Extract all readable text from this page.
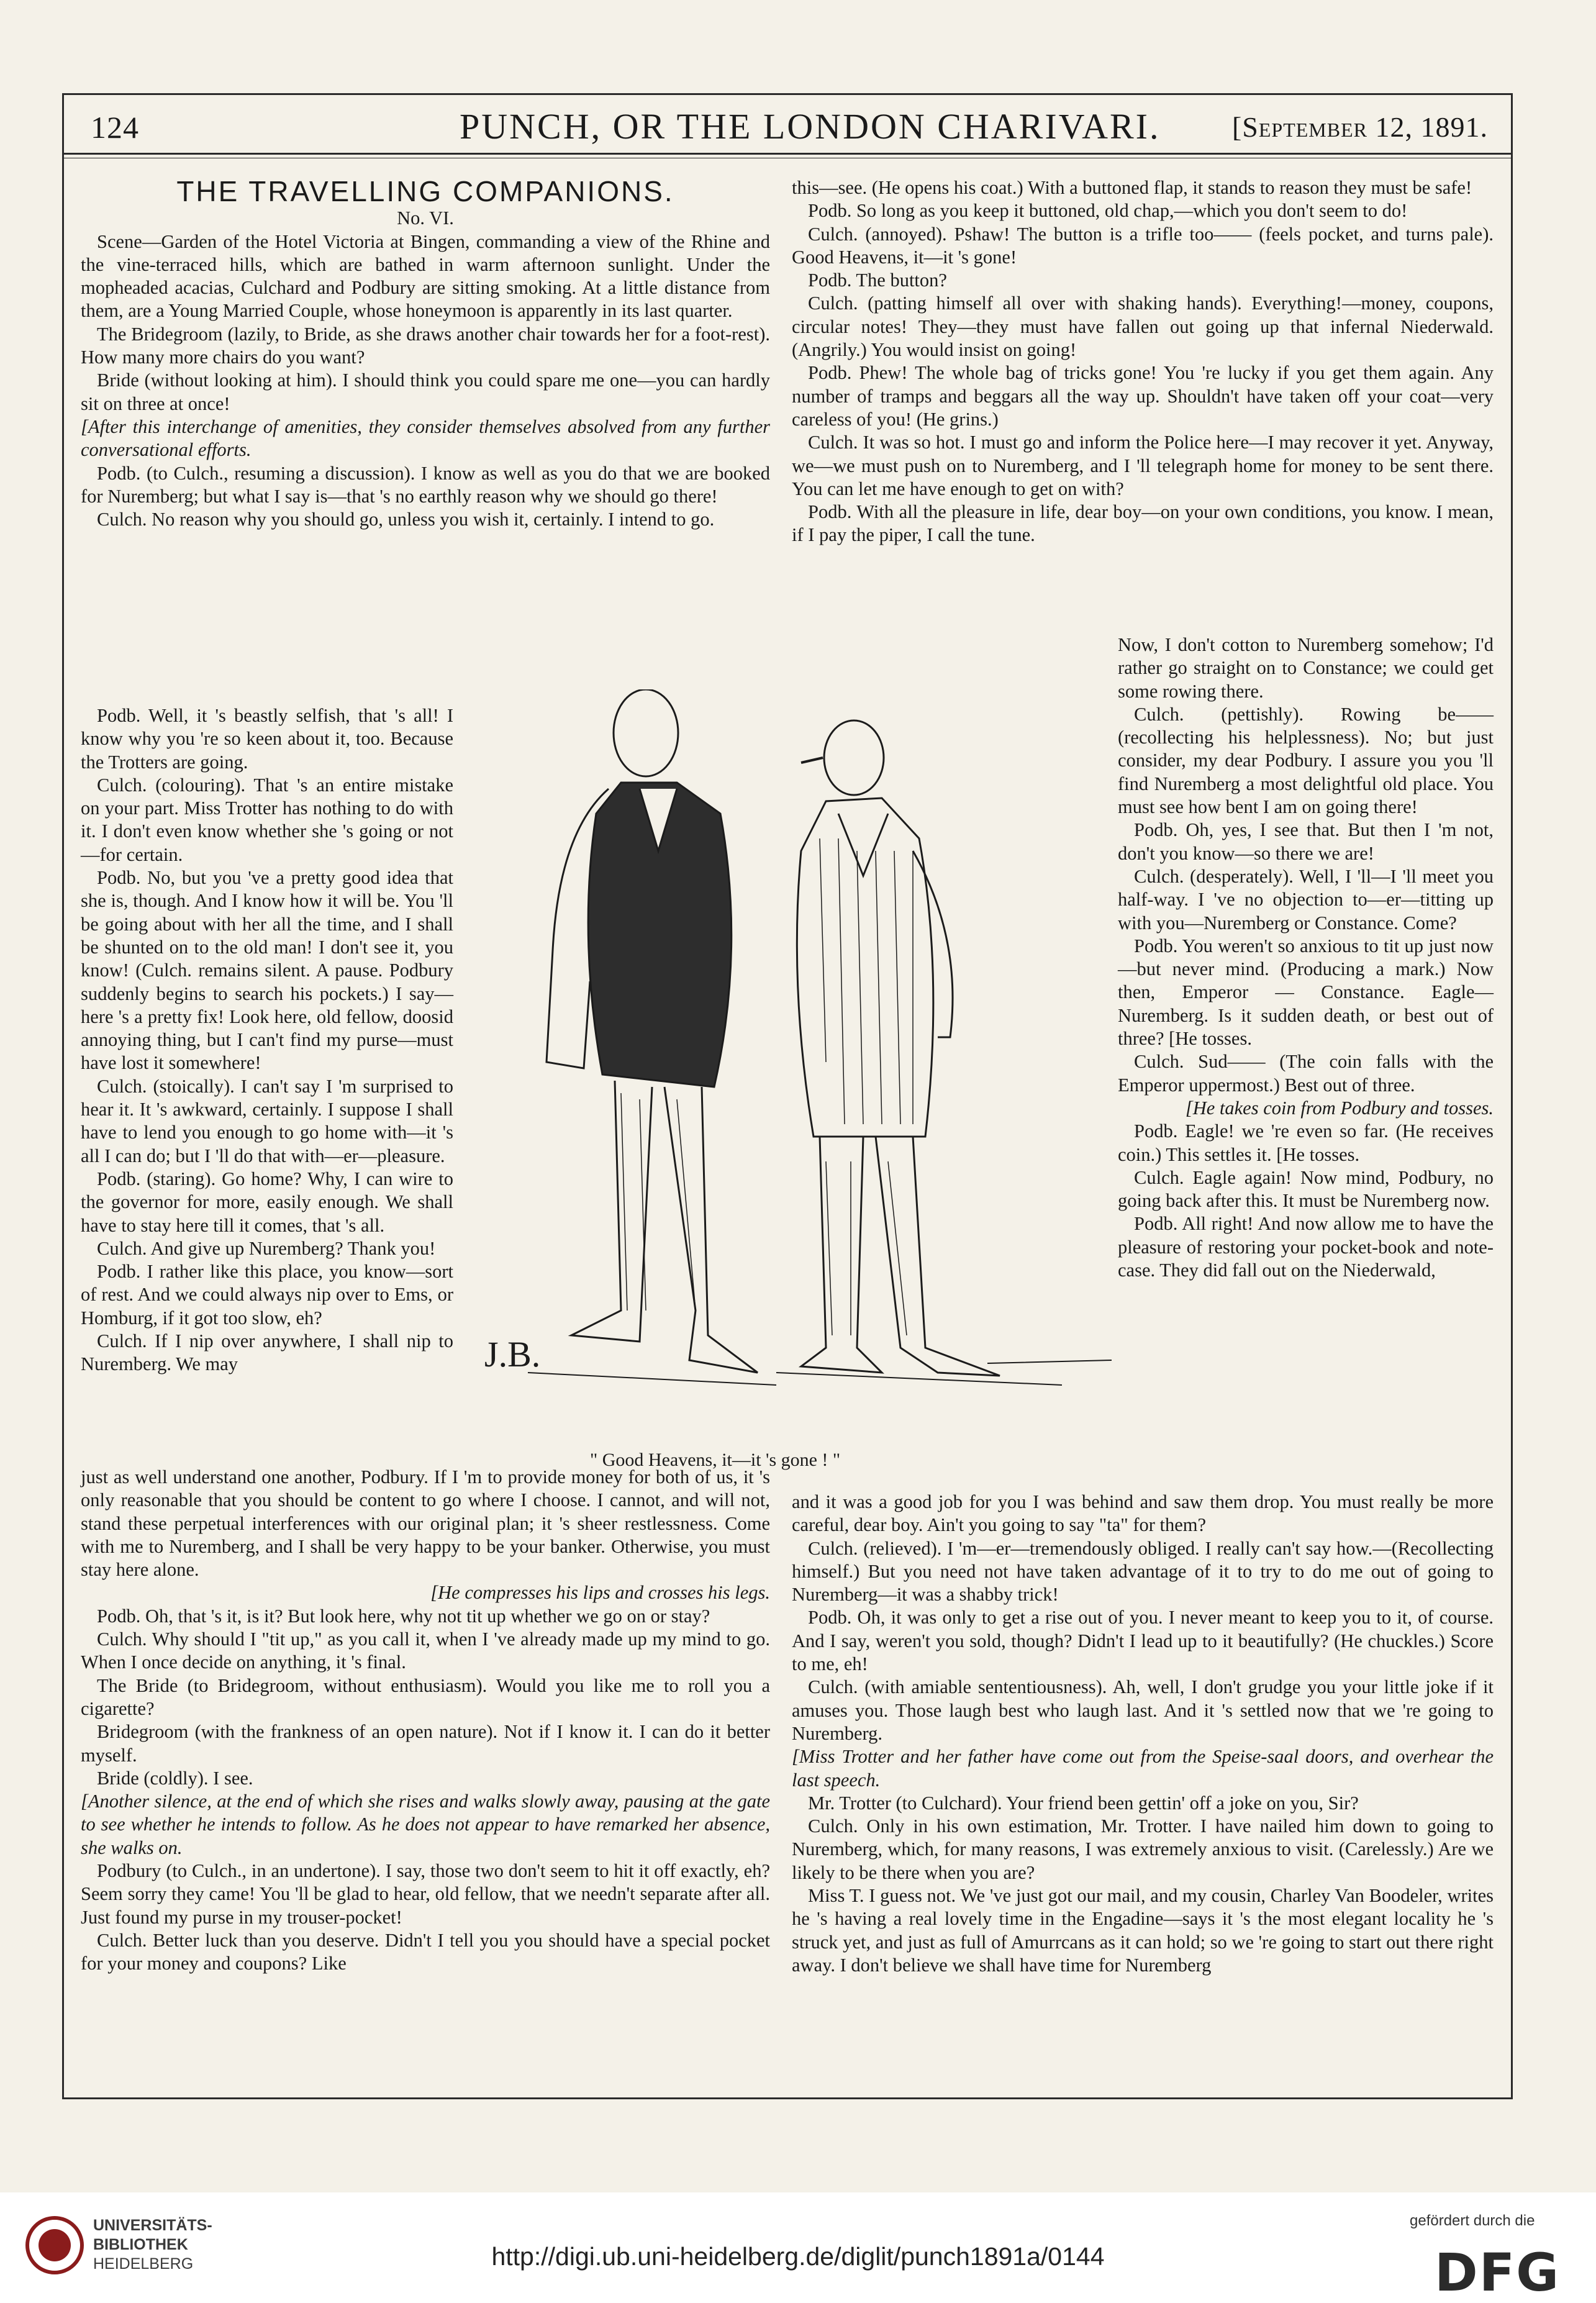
124	PUNCH, OR THE LONDON CHARIVARI.	[September 12, 1891.
THE TRAVELLING COMPANIONS.

No. VI.

Scene—Garden of the Hotel Victoria at Bingen, commanding a view of the Rhine and the vine-terraced hills, which are bathed in warm afternoon sunlight. Under the mopheaded acacias, Culchard and Podbury are sitting smoking. At a little distance from them, are a Young Married Couple, whose honeymoon is apparently in its last quarter.

The Bridegroom (lazily, to Bride, as she draws another chair towards her for a foot-rest). How many more chairs do you want?

Bride (without looking at him). I should think you could spare me one—you can hardly sit on three at once!

[After this interchange of amenities, they consider themselves absolved from any further conversational efforts.

Podb. (to Culch., resuming a discussion). I know as well as you do that we are booked for Nuremberg; but what I say is—that 's no earthly reason why we should go there!

Culch. No reason why you should go, unless you wish it, certainly. I intend to go.

Podb. Well, it 's beastly selfish, that 's all! I know why you 're so keen about it, too. Because the Trotters are going.

Culch. (colouring). That 's an entire mistake on your part. Miss Trotter has nothing to do with it. I don't even know whether she 's going or not—for certain.

Podb. No, but you 've a pretty good idea that she is, though. And I know how it will be. You 'll be going about with her all the time, and I shall be shunted on to the old man! I don't see it, you know! (Culch. remains silent. A pause. Podbury suddenly begins to search his pockets.) I say—here 's a pretty fix! Look here, old fellow, doosid annoying thing, but I can't find my purse—must have lost it somewhere!

Culch. (stoically). I can't say I 'm surprised to hear it. It 's awkward, certainly. I suppose I shall have to lend you enough to go home with—it 's all I can do; but I 'll do that with—er—pleasure.

Podb. (staring). Go home? Why, I can wire to the governor for more, easily enough. We shall have to stay here till it comes, that 's all.

Culch. And give up Nuremberg? Thank you!

Podb. I rather like this place, you know—sort of rest. And we could always nip over to Ems, or Homburg, if it got too slow, eh?

Culch. If I nip over anywhere, I shall nip to Nuremberg. We may	J.B.
" Good Heavens, it—it 's gone ! "

just as well understand one another, Podbury. If I 'm to provide money for both of us, it 's only reasonable that you should be content to go where I choose. I cannot, and will not, stand these perpetual interferences with our original plan; it 's sheer restlessness. Come with me to Nuremberg, and I shall be very happy to be your banker. Otherwise, you must stay here alone.

[He compresses his lips and crosses his legs.

Podb. Oh, that 's it, is it? But look here, why not tit up whether we go on or stay?

Culch. Why should I "tit up," as you call it, when I 've already made up my mind to go. When I once decide on anything, it 's final.

The Bride (to Bridegroom, without enthusiasm). Would you like me to roll you a cigarette?

Bridegroom (with the frankness of an open nature). Not if I know it. I can do it better myself.

Bride (coldly). I see.

[Another silence, at the end of which she rises and walks slowly away, pausing at the gate to see whether he intends to follow. As he does not appear to have remarked her absence, she walks on.

Podbury (to Culch., in an undertone). I say, those two don't seem to hit it off exactly, eh? Seem sorry they came! You 'll be glad to hear, old fellow, that we needn't separate after all. Just found my purse in my trouser-pocket!

Culch. Better luck than you deserve. Didn't I tell you you should have a special pocket for your money and coupons? Like

this—see. (He opens his coat.) With a buttoned flap, it stands to reason they must be safe!

Podb. So long as you keep it buttoned, old chap,—which you don't seem to do!

Culch. (annoyed). Pshaw! The button is a trifle too—— (feels pocket, and turns pale). Good Heavens, it—it 's gone!

Podb. The button?

Culch. (patting himself all over with shaking hands). Everything!—money, coupons, circular notes! They—they must have fallen out going up that infernal Niederwald. (Angrily.) You would insist on going!

Podb. Phew! The whole bag of tricks gone! You 're lucky if you get them again. Any number of tramps and beggars all the way up. Shouldn't have taken off your coat—very careless of you! (He grins.)

Culch. It was so hot. I must go and inform the Police here—I may recover it yet. Anyway, we—we must push on to Nuremberg, and I 'll telegraph home for money to be sent there. You can let me have enough to get on with?

Podb. With all the pleasure in life, dear boy—on your own conditions, you know. I mean, if I pay the piper, I call the tune.

Now, I don't cotton to Nuremberg somehow; I'd rather go straight on to Constance; we could get some rowing there.

Culch. (pettishly). Rowing be—— (recollecting his helplessness). No; but just consider, my dear Podbury. I assure you you 'll find Nuremberg a most delightful old place. You must see how bent I am on going there!

Podb. Oh, yes, I see that. But then I 'm not, don't you know—so there we are!

Culch. (desperately). Well, I 'll—I 'll meet you half-way. I 've no objection to—er—titting up with you—Nuremberg or Constance. Come?

Podb. You weren't so anxious to tit up just now—but never mind. (Producing a mark.) Now then, Emperor — Constance. Eagle—Nuremberg. Is it sudden death, or best out of three? [He tosses.

Culch. Sud—— (The coin falls with the Emperor uppermost.) Best out of three.

[He takes coin from Podbury and tosses.

Podb. Eagle! we 're even so far. (He receives coin.) This settles it. [He tosses.

Culch. Eagle again! Now mind, Podbury, no going back after this. It must be Nuremberg now.

Podb. All right! And now allow me to have the pleasure of restoring your pocket-book and note-case. They did fall out on the Niederwald,

and it was a good job for you I was behind and saw them drop. You must really be more careful, dear boy. Ain't you going to say "ta" for them?

Culch. (relieved). I 'm—er—tremendously obliged. I really can't say how.—(Recollecting himself.) But you need not have taken advantage of it to try to do me out of going to Nuremberg—it was a shabby trick!

Podb. Oh, it was only to get a rise out of you. I never meant to keep you to it, of course. And I say, weren't you sold, though? Didn't I lead up to it beautifully? (He chuckles.) Score to me, eh!

Culch. (with amiable sententiousness). Ah, well, I don't grudge you your little joke if it amuses you. Those laugh best who laugh last. And it 's settled now that we 're going to Nuremberg.

[Miss Trotter and her father have come out from the Speise-saal doors, and overhear the last speech.

Mr. Trotter (to Culchard). Your friend been gettin' off a joke on you, Sir?

Culch. Only in his own estimation, Mr. Trotter. I have nailed him down to going to Nuremberg, which, for many reasons, I was extremely anxious to visit. (Carelessly.) Are we likely to be there when you are?

Miss T. I guess not. We 've just got our mail, and my cousin, Charley Van Boodeler, writes he 's having a real lovely time in the Engadine—says it 's the most elegant locality he 's struck yet, and just as full of Amurrcans as it can hold; so we 're going to start out there right away. I don't believe we shall have time for Nuremberg

UNIVERSITÄTS-
BIBLIOTHEK
HEIDELBERG	http://digi.ub.uni-heidelberg.de/diglit/punch1891a/0144
gefördert durch die
DFG
